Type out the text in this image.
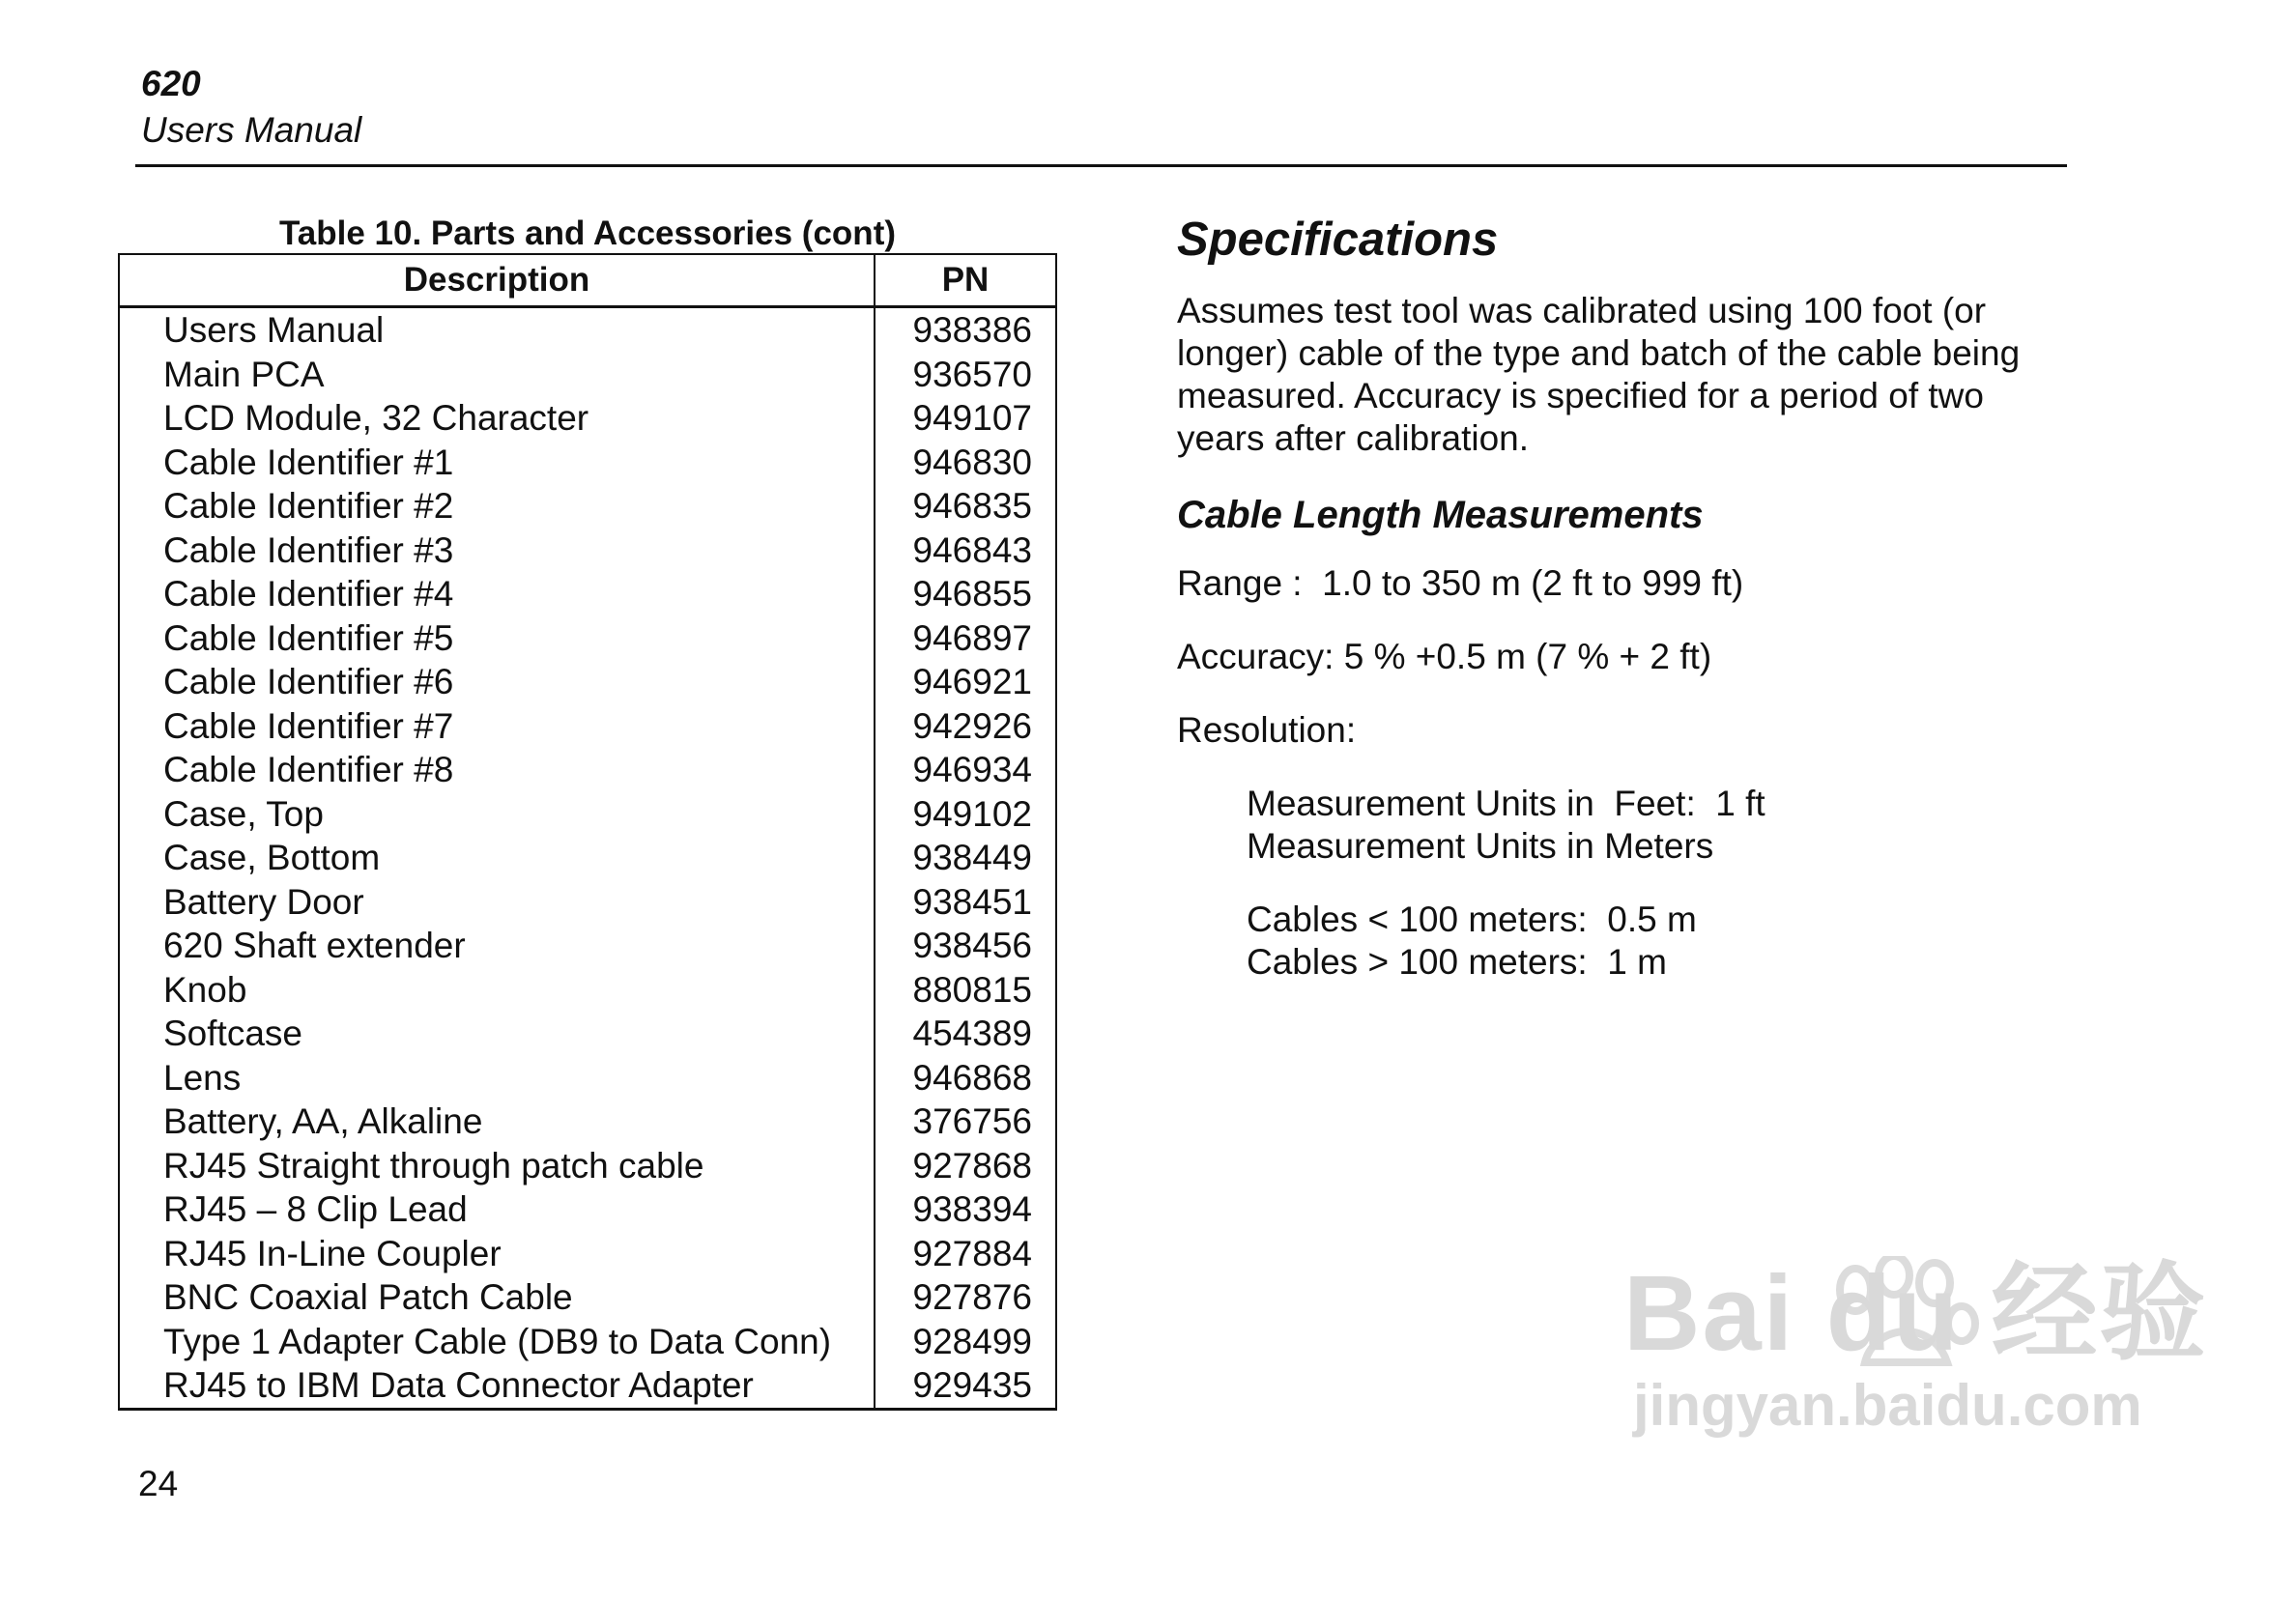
620
Users Manual
Table 10. Parts and Accessories (cont)
Description	PN
Users Manual	938386
Main PCA	936570
LCD Module, 32 Character	949107
Cable Identifier #1	946830
Cable Identifier #2	946835
Cable Identifier #3	946843
Cable Identifier #4	946855
Cable Identifier #5	946897
Cable Identifier #6	946921
Cable Identifier #7	942926
Cable Identifier #8	946934
Case, Top	949102
Case, Bottom	938449
Battery Door	938451
620 Shaft extender	938456
Knob	880815
Softcase	454389
Lens	946868
Battery, AA, Alkaline	376756
RJ45 Straight through patch cable	927868
RJ45 – 8 Clip Lead	938394
RJ45 In-Line Coupler	927884
BNC Coaxial Patch Cable	927876
Type 1 Adapter Cable (DB9 to Data Conn)	928499
RJ45 to IBM Data Connector Adapter	929435
24
Specifications
Assumes test tool was calibrated using 100 foot (or longer) cable of the type and batch of the cable being measured. Accuracy is specified for a period of two years after calibration.
Cable Length Measurements
Range :  1.0 to 350 m (2 ft to 999 ft)
Accuracy: 5 % +0.5 m (7 % + 2 ft)
Resolution:
Measurement Units in  Feet:  1 ft
Measurement Units in Meters
Cables < 100 meters:  0.5 m
Cables > 100 meters:  1 m
Bai du 经验
jingyan.baidu.com
